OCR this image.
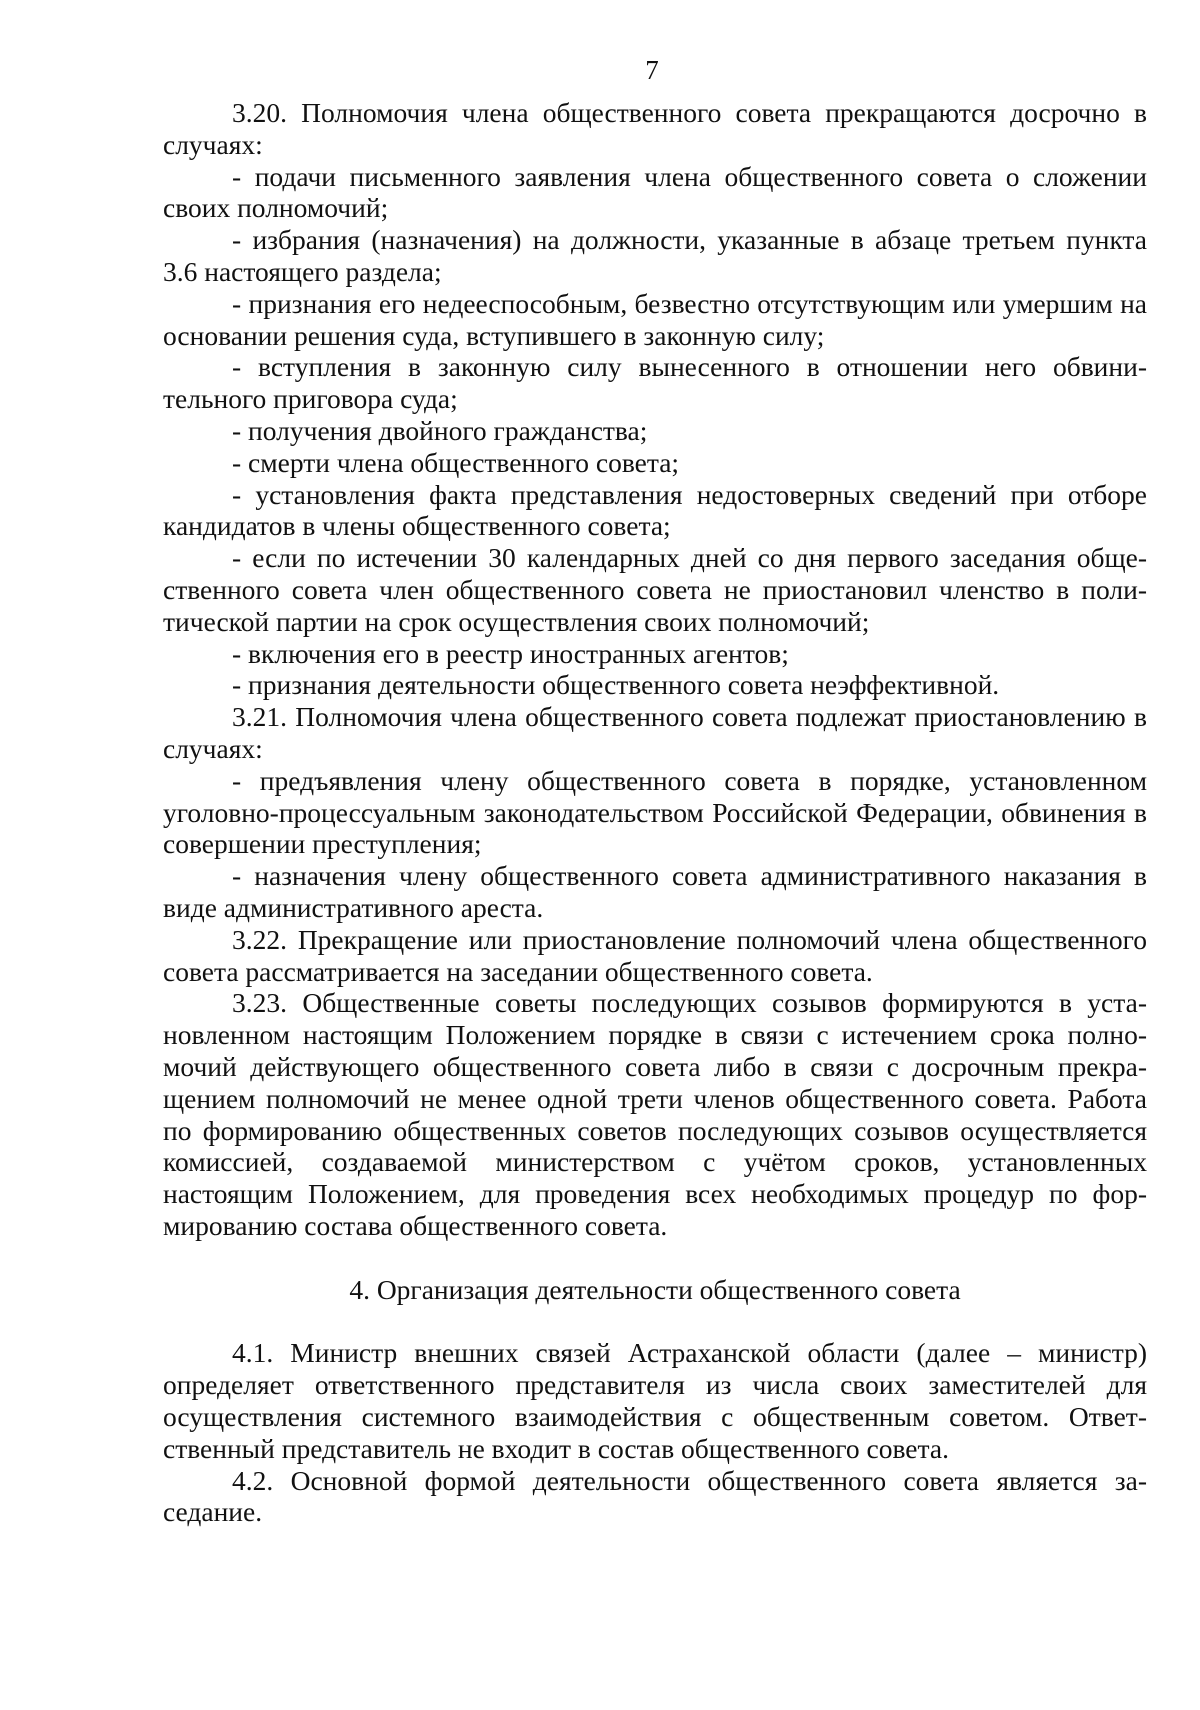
7

3.20. Полномочия члена общественного совета прекращаются досрочно в случаях:

- подачи письменного заявления члена общественного совета о сложении своих полномочий;

- избрания (назначения) на должности, указанные в абзаце третьем пункта 3.6 настоящего раздела;

- признания его недееспособным, безвестно отсутствующим или умершим на основании решения суда, вступившего в законную силу;

- вступления в законную силу вынесенного в отношении него обвинительного приговора суда;

- получения двойного гражданства;

- смерти члена общественного совета;

- установления факта представления недостоверных сведений при отборе кандидатов в члены общественного совета;

- если по истечении 30 календарных дней со дня первого заседания общественного совета член общественного совета не приостановил членство в политической партии на срок осуществления своих полномочий;

- включения его в реестр иностранных агентов;

- признания деятельности общественного совета неэффективной.

3.21. Полномочия члена общественного совета подлежат приостановлению в случаях:

- предъявления члену общественного совета в порядке, установленном уголовно-процессуальным законодательством Российской Федерации, обвинения в совершении преступления;

- назначения члену общественного совета административного наказания в виде административного ареста.

3.22. Прекращение или приостановление полномочий члена общественного совета рассматривается на заседании общественного совета.

3.23. Общественные советы последующих созывов формируются в установленном настоящим Положением порядке в связи с истечением срока полномочий действующего общественного совета либо в связи с досрочным прекращением полномочий не менее одной трети членов общественного совета. Работа по формированию общественных советов последующих созывов осуществляется комиссией, создаваемой министерством с учётом сроков, установленных настоящим Положением, для проведения всех необходимых процедур по формированию состава общественного совета.

4. Организация деятельности общественного совета

4.1. Министр внешних связей Астраханской области (далее – министр) определяет ответственного представителя из числа своих заместителей для осуществления системного взаимодействия с общественным советом. Ответственный представитель не входит в состав общественного совета.

4.2. Основной формой деятельности общественного совета является заседание.
